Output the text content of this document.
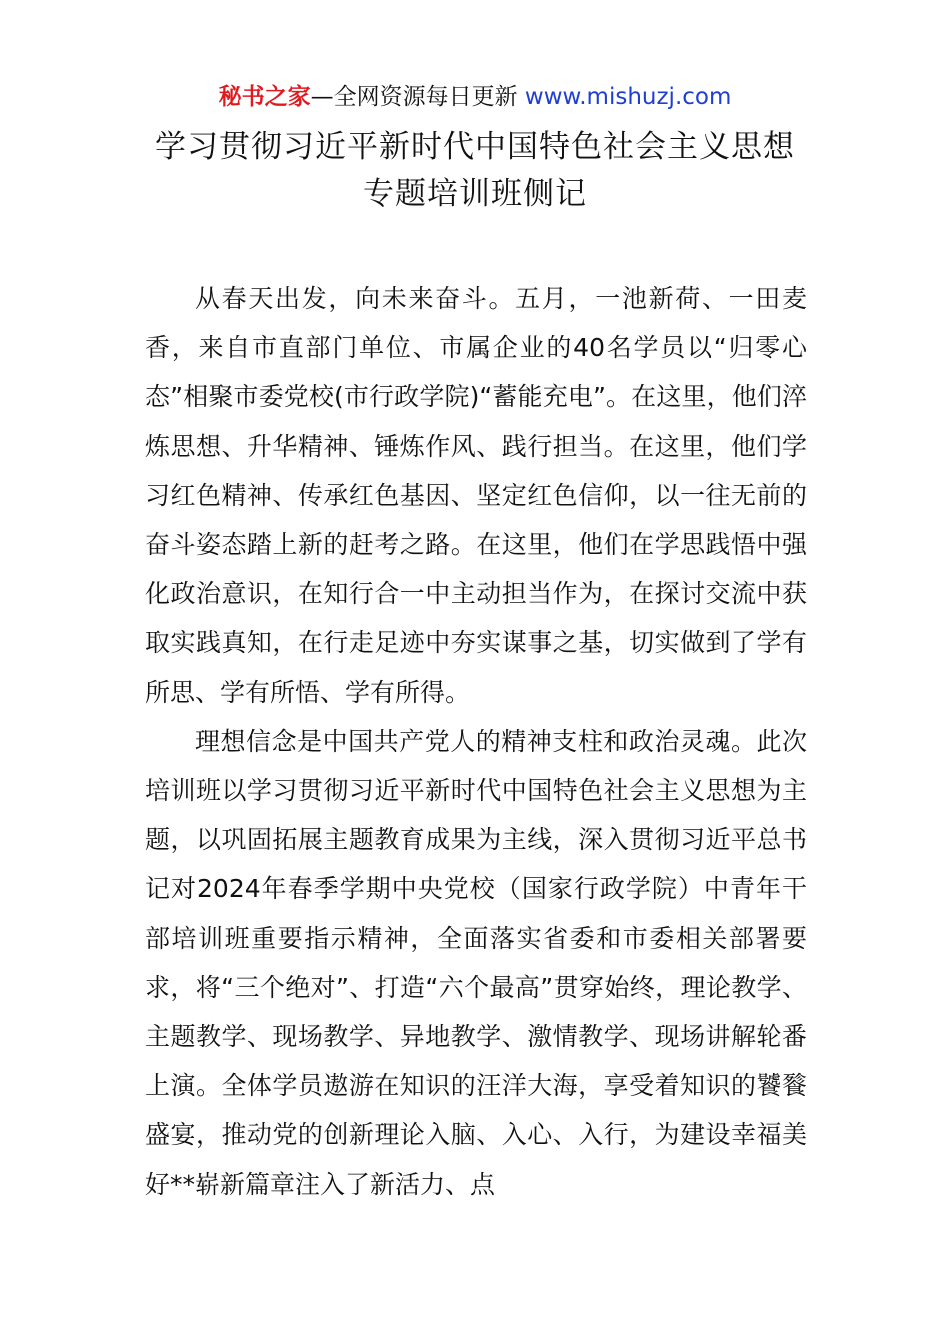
秘书之家—全网资源每日更新 www.mishuzj.com
学习贯彻习近平新时代中国特色社会主义思想
专题培训班侧记

从春天出发，向未来奋斗。五月，一池新荷、一田麦香，来自市直部门单位、市属企业的40名学员以“归零心态”相聚市委党校(市行政学院)“蓄能充电”。在这里，他们淬炼思想、升华精神、锤炼作风、践行担当。在这里，他们学习红色精神、传承红色基因、坚定红色信仰，以一往无前的奋斗姿态踏上新的赶考之路。在这里，他们在学思践悟中强化政治意识，在知行合一中主动担当作为，在探讨交流中获取实践真知，在行走足迹中夯实谋事之基，切实做到了学有所思、学有所悟、学有所得。

理想信念是中国共产党人的精神支柱和政治灵魂。此次培训班以学习贯彻习近平新时代中国特色社会主义思想为主题，以巩固拓展主题教育成果为主线，深入贯彻习近平总书记对2024年春季学期中央党校（国家行政学院）中青年干部培训班重要指示精神，全面落实省委和市委相关部署要求，将“三个绝对”、打造“六个最高”贯穿始终，理论教学、主题教学、现场教学、异地教学、激情教学、现场讲解轮番上演。全体学员遨游在知识的汪洋大海，享受着知识的饕餮盛宴，推动党的创新理论入脑、入心、入行，为建设幸福美好**崭新篇章注入了新活力、点
